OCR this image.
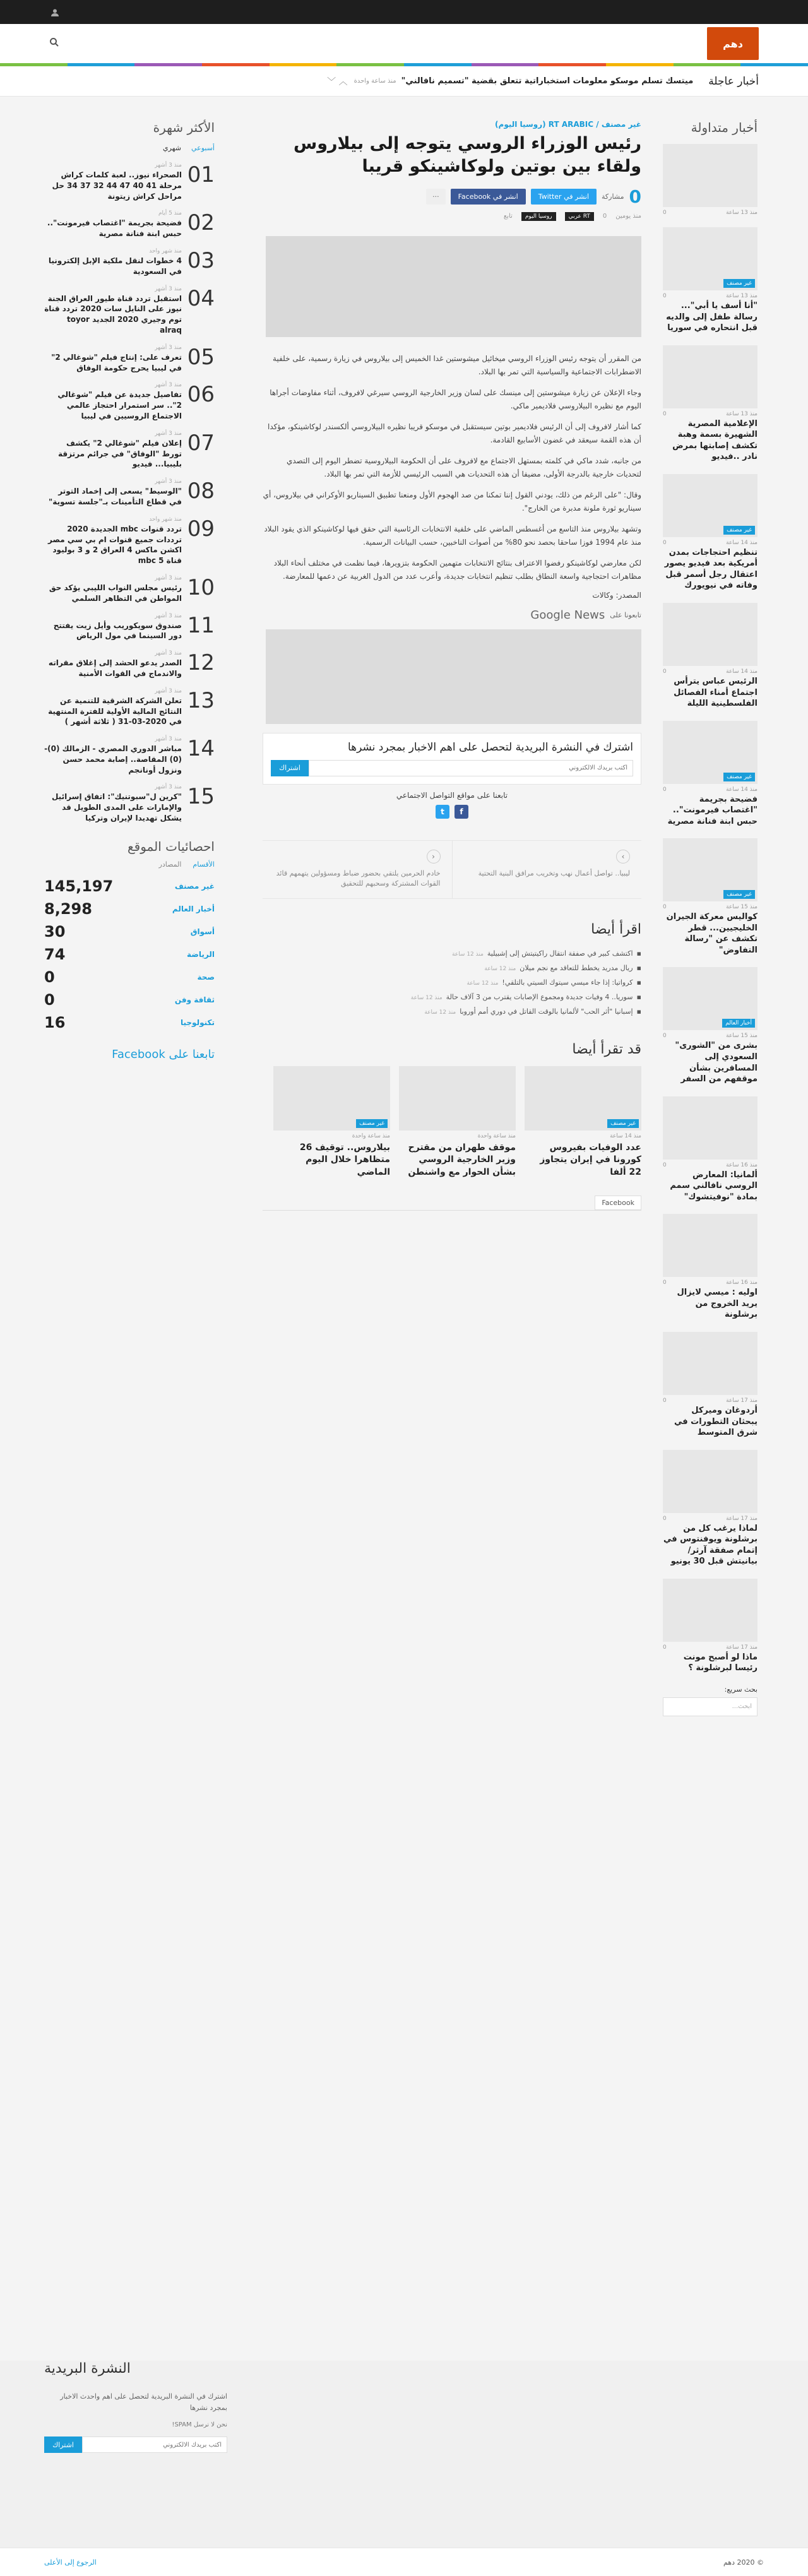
دهم
أخبار عاجلة
ميتسك تسلم موسكو معلومات استخباراتية تتعلق بقضية "تسميم نافالني"
منذ ساعة واحدة
︿ ﹀
أخبار متداولة
منذ 13 ساعة
0
غير مصنف
منذ 13 ساعة
0
"أنا أسف يا أبي"... رسالة طفل إلى والديه قبل انتحاره في سوريا
منذ 13 ساعة
0
الإعلامية المصرية الشهيرة بسمة وهبة تكشف إصابتها بمرض نادر ..فيديو
غير مصنف
منذ 14 ساعة
0
تنظيم احتجاجات بمدن أمريكية بعد فيديو يصور اعتقال رجل أسمر قبل وفاته في نيويورك
منذ 14 ساعة
0
الرئيس عباس يترأس اجتماع أمناء الفصائل الفلسطينية الليلة
غير مصنف
منذ 14 ساعة
0
فضيحة بجريمة "اغتصاب فيرمونت".. حبس ابنة فنانة مصرية
غير مصنف
منذ 15 ساعة
0
كواليس معركة الجيران الخليجيين... قطر تكشف عن "رسالة التفاوض"
أخبار العالم
منذ 15 ساعة
0
بشرى من "الشورى" السعودي إلى المسافرين بشأن موقفهم من السفر
منذ 16 ساعة
0
ألمانيا: المعارض الروسي نافالني سمم بمادة "نوفيتشوك"
منذ 16 ساعة
0
اوليه : ميسي لايزال يريد الخروج من برشلونة
منذ 17 ساعة
0
أردوغان وميركل يبحثان التطورات في شرق المتوسط
منذ 17 ساعة
0
لماذا يرغب كل من برشلونة ويوفنتوس في إتمام صفقة آرثر/بيانيتش قبل 30 يونيو
منذ 17 ساعة
0
ماذا لو أصبح مونت رئيسا لبرشلونة ؟
بحث سريع:
ابحث...
غير مصنف / RT ARABIC (روسيا اليوم)
رئيس الوزراء الروسي يتوجه إلى بيلاروس ولقاء بين بوتين ولوكاشينكو قريبا
0
مشاركة
انشر في Twitter
انشر في Facebook
···
منذ يومين
0
RT عربي
روسيا اليوم
تابع

من المقرر أن يتوجه رئيس الوزراء الروسي ميخائيل ميشوستين غدا الخميس إلى بيلاروس في زيارة رسمية، على خلفية الاضطرابات الاجتماعية والسياسية التي تمر بها البلاد.

وجاء الإعلان عن زيارة ميشوستين إلى مينسك على لسان وزير الخارجية الروسي سيرغي لافروف، أثناء مفاوضات أجراها اليوم مع نظيره البيلاروسي فلاديمير ماكي.

كما أشار لافروف إلى أن الرئيس فلاديمير بوتين سيستقبل في موسكو قريبا نظيره البيلاروسي ألكسندر لوكاشينكو، مؤكدا أن هذه القمة سيعقد في غضون الأسابيع القادمة.

من جانبه، شدد ماكي في كلمته بمستهل الاجتماع مع لافروف على أن الحكومة البيلاروسية تضطر اليوم إلى التصدي لتحديات خارجية بالدرجة الأولى، مضيفا أن هذه التحديات هي السبب الرئيسي للأزمة التي تمر بها البلاد.

وقال: "على الرغم من ذلك، يودني القول إننا تمكنا من صد الهجوم الأول ومنعنا تطبيق السيناريو الأوكراني في بيلاروس، أي سيناريو ثورة ملونة مدبرة من الخارج".

وتشهد بيلاروس منذ التاسع من أغسطس الماضي على خلفية الانتخابات الرئاسية التي حقق فيها لوكاشينكو الذي يقود البلاد منذ عام 1994 فوزا ساحقا بحصد نحو 80% من أصوات الناخبين، حسب البيانات الرسمية.

لكن معارضي لوكاشينكو رفضوا الاعتراف بنتائج الانتخابات متهمين الحكومة بتزويرها، فيما نظمت في مختلف أنحاء البلاد مظاهرات احتجاجية واسعة النطاق بطلب تنظيم انتخابات جديدة، وأعرب عدد من الدول الغربية عن دعمها للمعارضة.

المصدر: وكالات
تابعونا على
Google News
اشترك في النشرة البريدية لتحصل على اهم الاخبار بمجرد نشرها
اكتب بريدك الالكتروني
اشتراك
تابعنا على مواقع التواصل الاجتماعي
f
t
›
ليبيا.. تواصل أعمال نهب وتخريب مرافق البنية التحتية
‹
خادم الحرمين يلتقي بحضور ضباط ومسؤولين يتهمهم قائد القوات المشتركة وسحبهم للتحقيق
اقرأ أيضا
▪
اكتشف كبير في صفقة انتقال راكيتيتش إلى إشبيلية
منذ 12 ساعة
▪
ريال مدريد يخطط للتعاقد مع نجم ميلان
منذ 12 ساعة
▪
كرواتيا: إذا جاء ميسي سيتوك السيتي بالتلقي!
منذ 12 ساعة
▪
سوريا.. 4 وفيات جديدة ومجموع الإصابات يقترب من 3 آلاف حالة
منذ 12 ساعة
▪
إسبانيا "أثر الحب" لألمانيا بالوقت القاتل في دوري أمم أوروبا
منذ 12 ساعة
قد تقرأ أيضا
غير مصنف
منذ 14 ساعة
عدد الوفيات بفيروس كورونا في إيران يتجاوز 22 ألفا
منذ ساعة واحدة
موقف طهران من مقترح وزير الخارجية الروسي بشأن الحوار مع واشنطن
غير مصنف
منذ ساعة واحدة
بيلاروس.. توقيف 26 متظاهرا خلال اليوم الماضي
Facebook
الأكثر شهرة
أسبوعي
شهري
01
منذ 3 أشهر
الصحراء نيوز.. لعبة كلمات كراش مرحلة 41 40 47 44 32 37 34 حل مراحل كراش زيتونة
02
منذ 5 أيام
فضيحة بجريمة "اغتصاب فيرمونت".. حبس ابنة فنانة مصرية
03
منذ شهر واحد
4 خطوات لنقل ملكية الإبل إلكترونيا في السعودية
04
منذ 3 أشهر
استقبل تردد قناة طيور العراق الجنة نيوز على النايل سات 2020 تردد قناة توم وجيري 2020 الجديد toyor alraq
05
منذ 3 أشهر
تعرف على: إنتاج فيلم "شوغالي 2" في ليبيا يحرج حكومة الوفاق
06
منذ 3 أشهر
تفاصيل جديدة عن فيلم "شوغالي 2".. سر استمرار احتجاز عالمي الاجتماع الروسيين في ليبيا
07
منذ 3 أشهر
إعلان فيلم "شوغالي 2" يكشف تورط "الوفاق" في جرائم مرتزقة بليبيا... فيديو
08
منذ 3 أشهر
"الوسيط" يسعى إلى إخماد التوتر في قطاع التأمينات بـ"جلسة تسوية"
09
منذ شهر واحد
تردد قنوات mbc الجديدة 2020 ترددات جميع قنوات ام بي سي مصر اكشن ماكس 4 العراق 2 و 3 بوليود قناة mbc 5
10
منذ 3 أشهر
رئيس مجلس النواب الليبي يؤكد حق المواطن في التظاهر السلمي
11
منذ 3 أشهر
صندوق سويكوريب وأيل زيت يفتتح دور السينما في مول الرياض
12
منذ 3 أشهر
الصدر يدعو الحشد إلى إغلاق مقراته والاندماج في القوات الأمنية
13
منذ 3 أشهر
تعلن الشركة الشرقية للتنمية عن النتائج المالية الأولية للفترة المنتهية في 2020-03-31 ( ثلاثة أشهر )
14
منذ 3 أشهر
مباشر الدوري المصري - الزمالك (0)-(0) المقاصة.. إصابة محمد حسن ونزول أونانجم
15
منذ 3 أشهر
"كرين ل"سبوتنيك": اتفاق إسرائيل والإمارات على المدى الطويل قد يشكل تهديدا لإيران وتركيا
احصائيات الموقع
الأقسام
المصادر
غير مصنف
145,197
أخبار العالم
8,298
أسواق
30
الرياضة
74
صحة
0
ثقافة وفن
0
تكنولوجيا
16
تابعنا على Facebook
النشرة البريدية
اشترك في النشرة البريدية لتحصل على اهم واحدث الاخبار بمجرد نشرها
نحن لا نرسل SPAM!
اكتب بريدك الالكتروني
اشتراك
© 2020 دهم
الرجوع إلى الأعلى
